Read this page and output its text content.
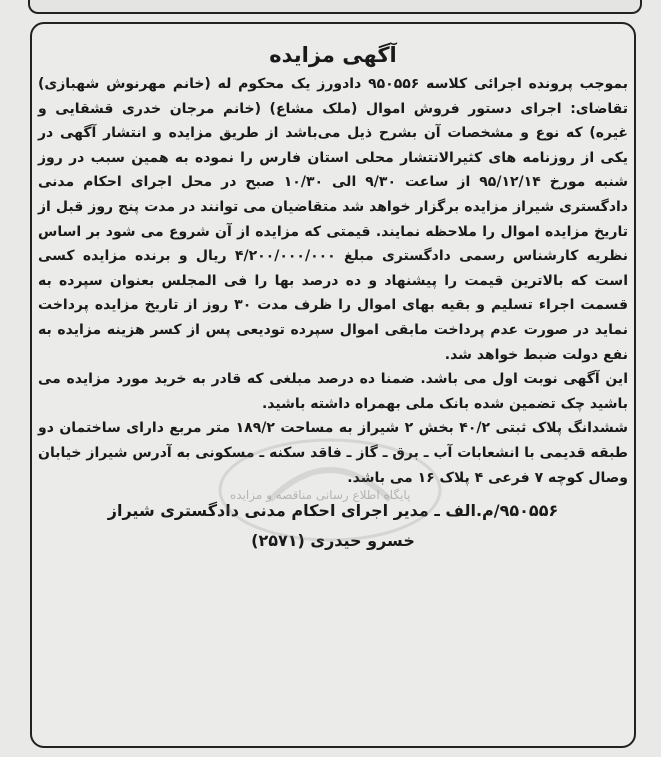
آگهی مزایده

بموجب پرونده اجرائی کلاسه ۹۵۰۵۵۶ دادورز یک محکوم له (خانم مهرنوش شهبازی) تقاضای: اجرای دستور فروش اموال (ملک مشاع) (خانم مرجان خدری قشقایی و غیره) که نوع و مشخصات آن بشرح ذیل می‌باشد از طریق مزایده و انتشار آگهی در یکی از روزنامه های کثیرالانتشار محلی استان فارس را نموده به همین سبب در روز شنبه مورخ ۹۵/۱۲/۱۴ از ساعت ۹/۳۰ الی ۱۰/۳۰ صبح در محل اجرای احکام مدنی دادگستری شیراز مزایده برگزار خواهد شد متقاضیان می توانند در مدت پنج روز قبل از تاریخ مزایده اموال را ملاحظه نمایند. قیمتی که مزایده از آن شروع می شود بر اساس نظریه کارشناس رسمی دادگستری مبلغ ۴/۲۰۰/۰۰۰/۰۰۰ ریال و برنده مزایده کسی است که بالاترین قیمت را پیشنهاد و ده درصد بها را فی المجلس بعنوان سپرده به قسمت اجراء تسلیم و بقیه بهای اموال را ظرف مدت ۳۰ روز از تاریخ مزایده پرداخت نماید در صورت عدم پرداخت مابقی اموال سپرده تودیعی پس از کسر هزینه مزایده به نفع دولت ضبط خواهد شد.

این آگهی نوبت اول می باشد. ضمنا ده درصد مبلغی که قادر به خرید مورد مزایده می باشید چک تضمین شده بانک ملی بهمراه داشته باشید.

ششدانگ پلاک ثبتی ۴۰/۲ بخش ۲ شیراز به مساحت ۱۸۹/۲ متر مربع دارای ساختمان دو طبقه قدیمی با انشعابات آب ـ برق ـ گاز ـ فاقد سکنه ـ مسکونی به آدرس شیراز خیابان وصال کوچه ۷ فرعی ۴ پلاک ۱۶ می باشد.

۹۵۰۵۵۶/م.الف ـ مدیر اجرای احکام مدنی دادگستری شیراز
خسرو حیدری (۲۵۷۱)
پایگاه اطلاع رسانی مناقصه و مزایده
